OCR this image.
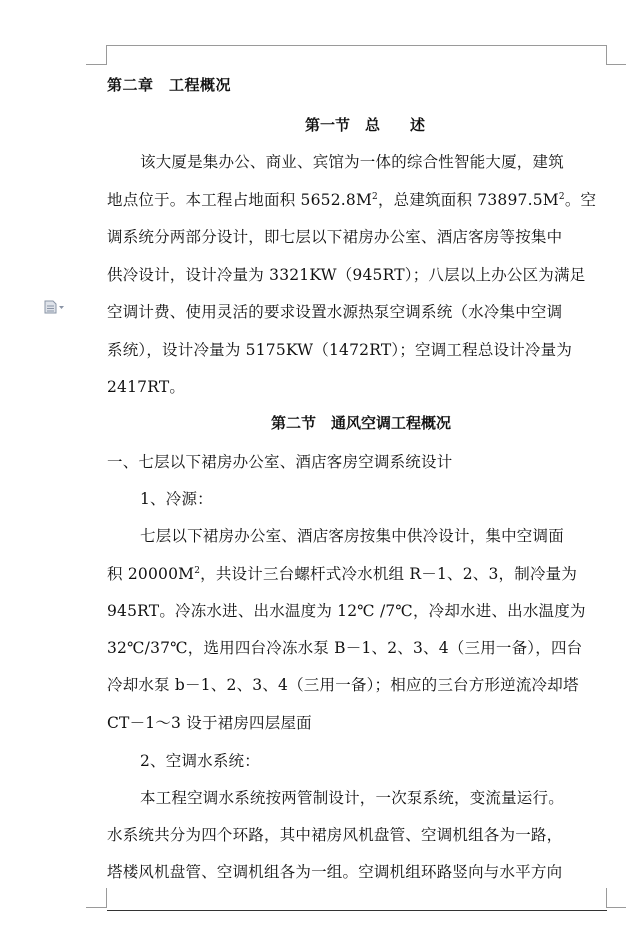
第二章　工程概况
第一节　总　　述
该大厦是集办公、商业、宾馆为一体的综合性智能大厦，建筑
地点位于。本工程占地面积 $5652.8M^2$，总建筑面积 $73897.5M^2$。空
供冷设计，设计冷量为 3321KW（945RT）；八层以上办公区为满足
调系统分两部分设计，即七层以下裙房办公室、酒店客房等按集中
空调计费、使用灵活的要求设置水源热泵空调系统（水冷集中空调
系统），设计冷量为 5175KW（1472RT）；空调工程总设计冷量为
2417RT。
第二节　通风空调工程概况
一、七层以下裙房办公室、酒店客房空调系统设计
1、冷源：
七层以下裙房办公室、酒店客房按集中供冷设计，集中空调面
积 $20000M^2$，共设计三台螺杆式冷水机组 R－1、2、3，制冷量为
945RT。冷冻水进、出水温度为 12℃ /7℃，冷却水进、出水温度为
32℃/37℃，选用四台冷冻水泵 B－1、2、3、4（三用一备），四台
冷却水泵 b－1、2、3、4（三用一备）；相应的三台方形逆流冷却塔
CT－1～3 设于裙房四层屋面
2、空调水系统：
本工程空调水系统按两管制设计，一次泵系统，变流量运行。
水系统共分为四个环路，其中裙房风机盘管、空调机组各为一路，
塔楼风机盘管、空调机组各为一组。空调机组环路竖向与水平方向
